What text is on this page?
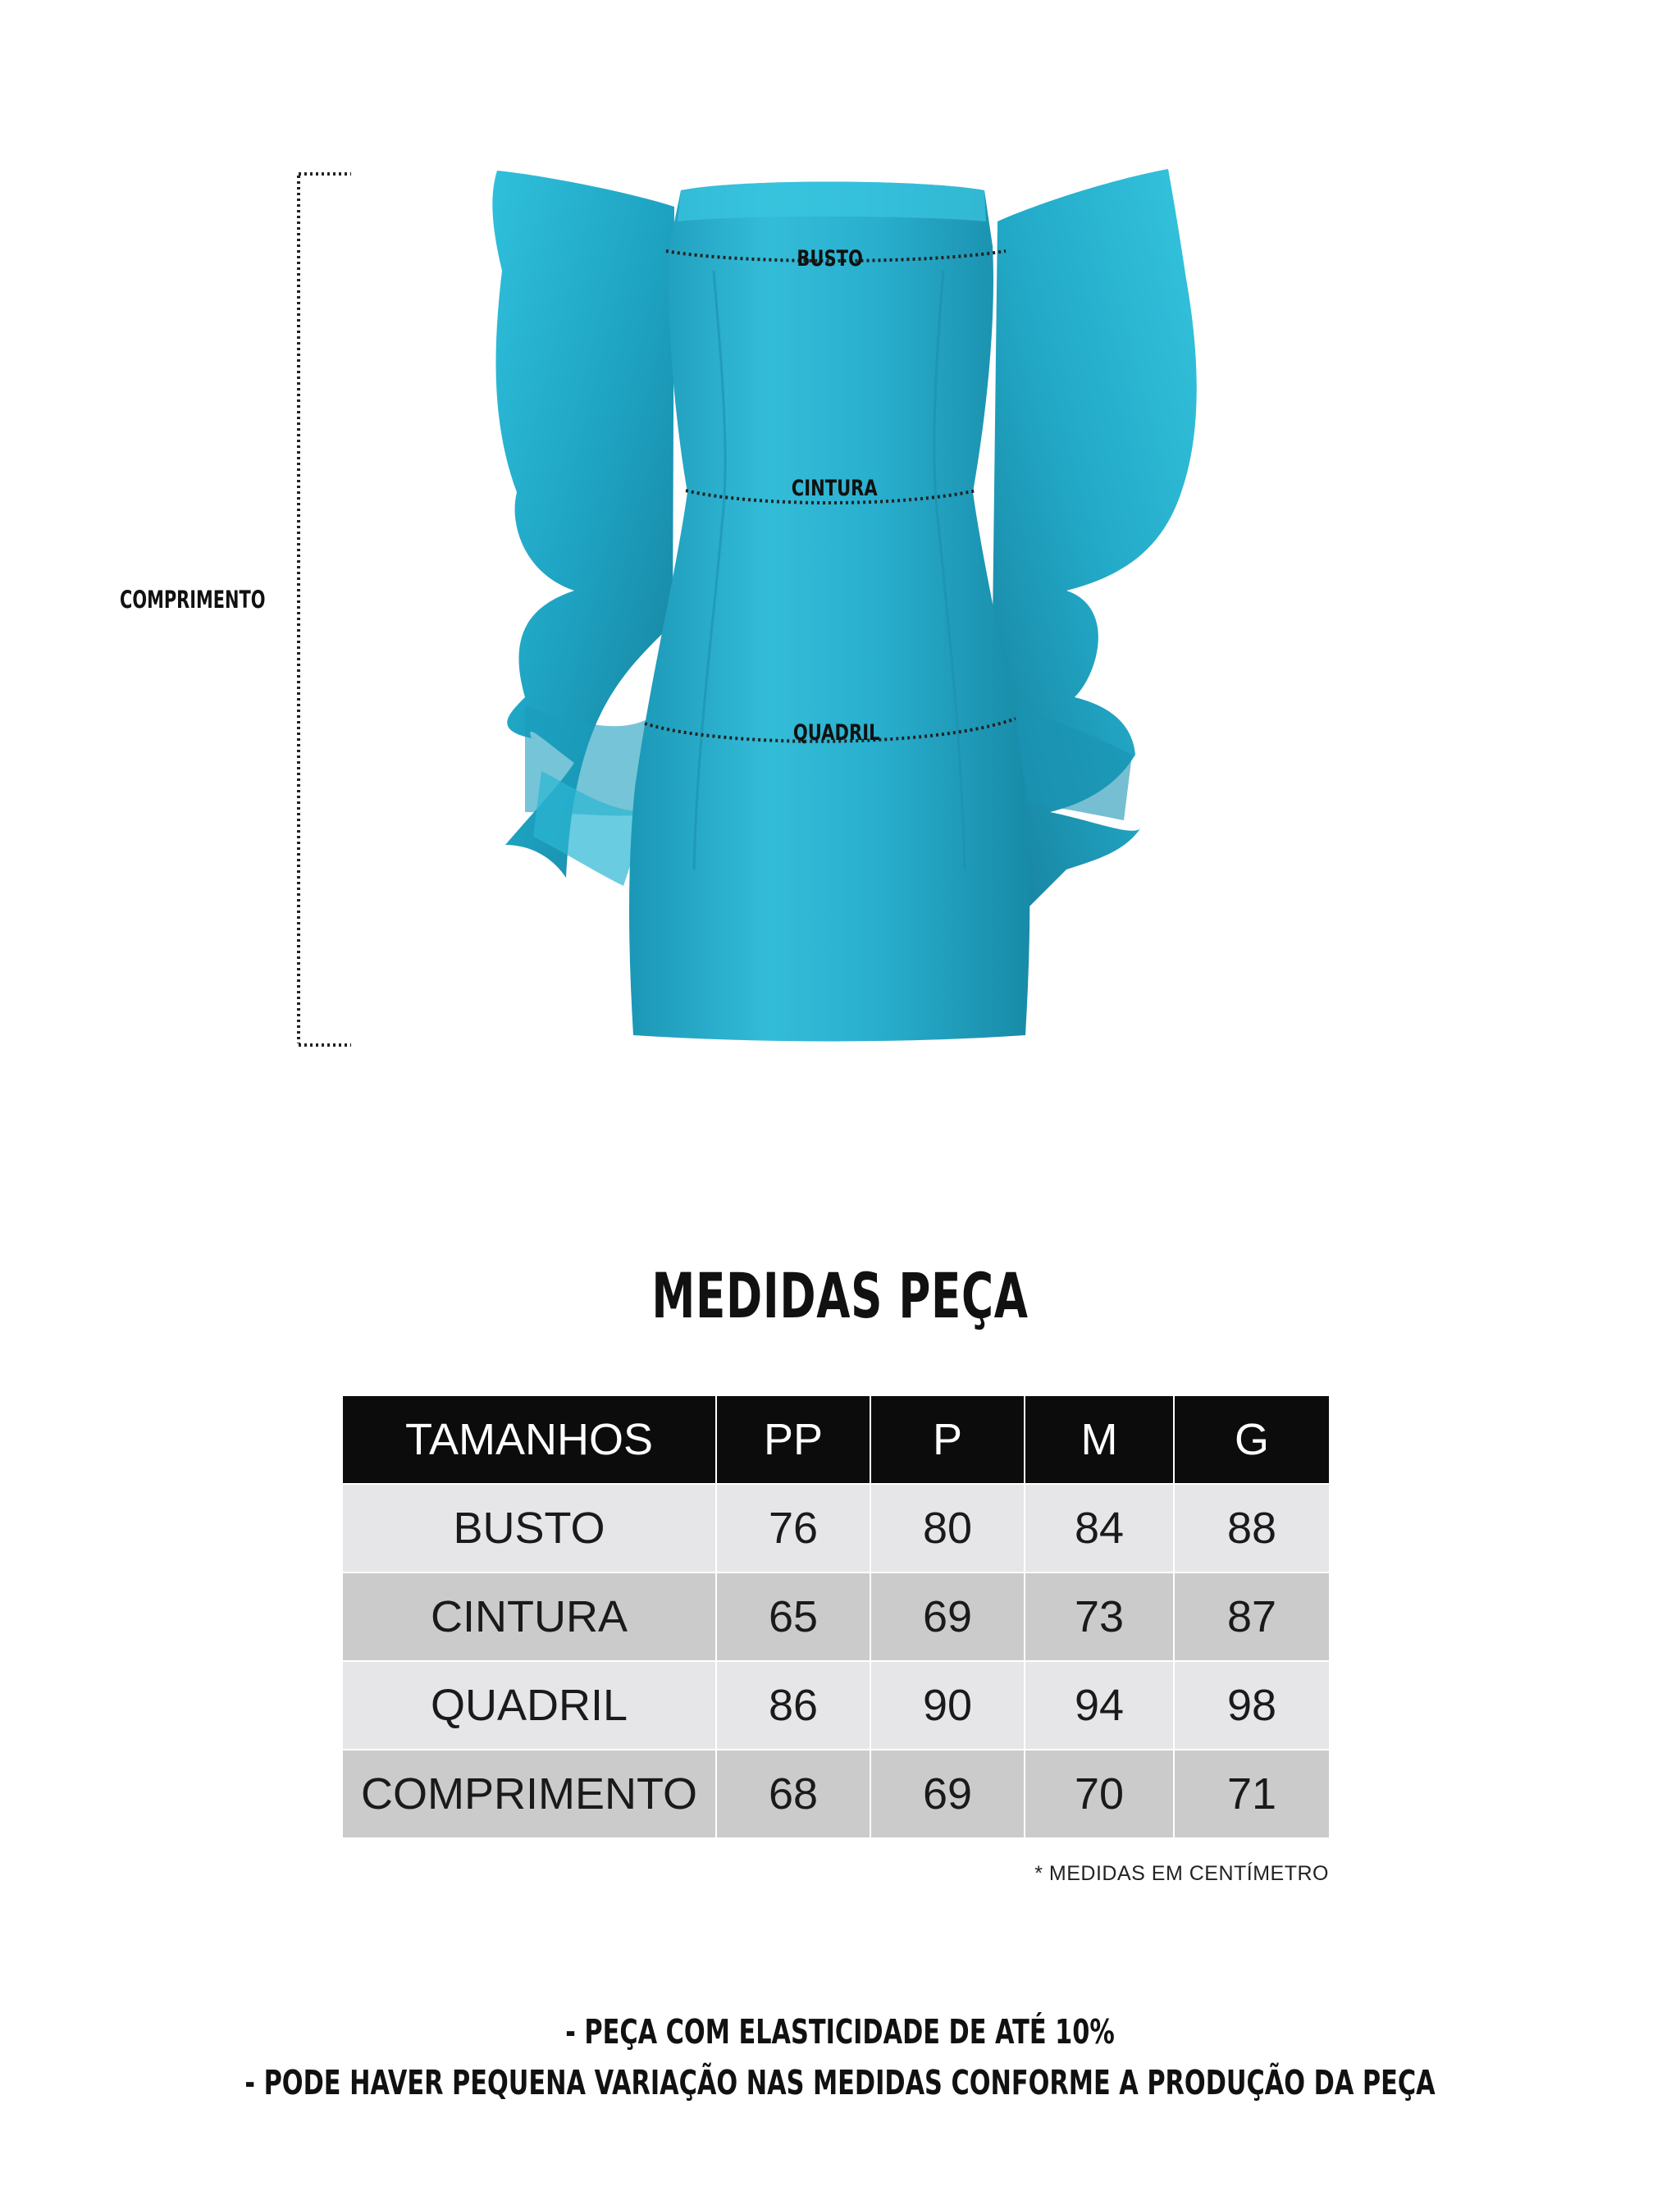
BUSTO
CINTURA
QUADRIL
COMPRIMENTO
MEDIDAS PEÇA
TAMANHOS	PP	P	M	G
BUSTO	76	80	84	88
CINTURA	65	69	73	87
QUADRIL	86	90	94	98
COMPRIMENTO	68	69	70	71
* MEDIDAS EM CENTÍMETRO
- PEÇA COM ELASTICIDADE DE ATÉ 10%
- PODE HAVER PEQUENA VARIAÇÃO NAS MEDIDAS CONFORME A PRODUÇÃO DA PEÇA
